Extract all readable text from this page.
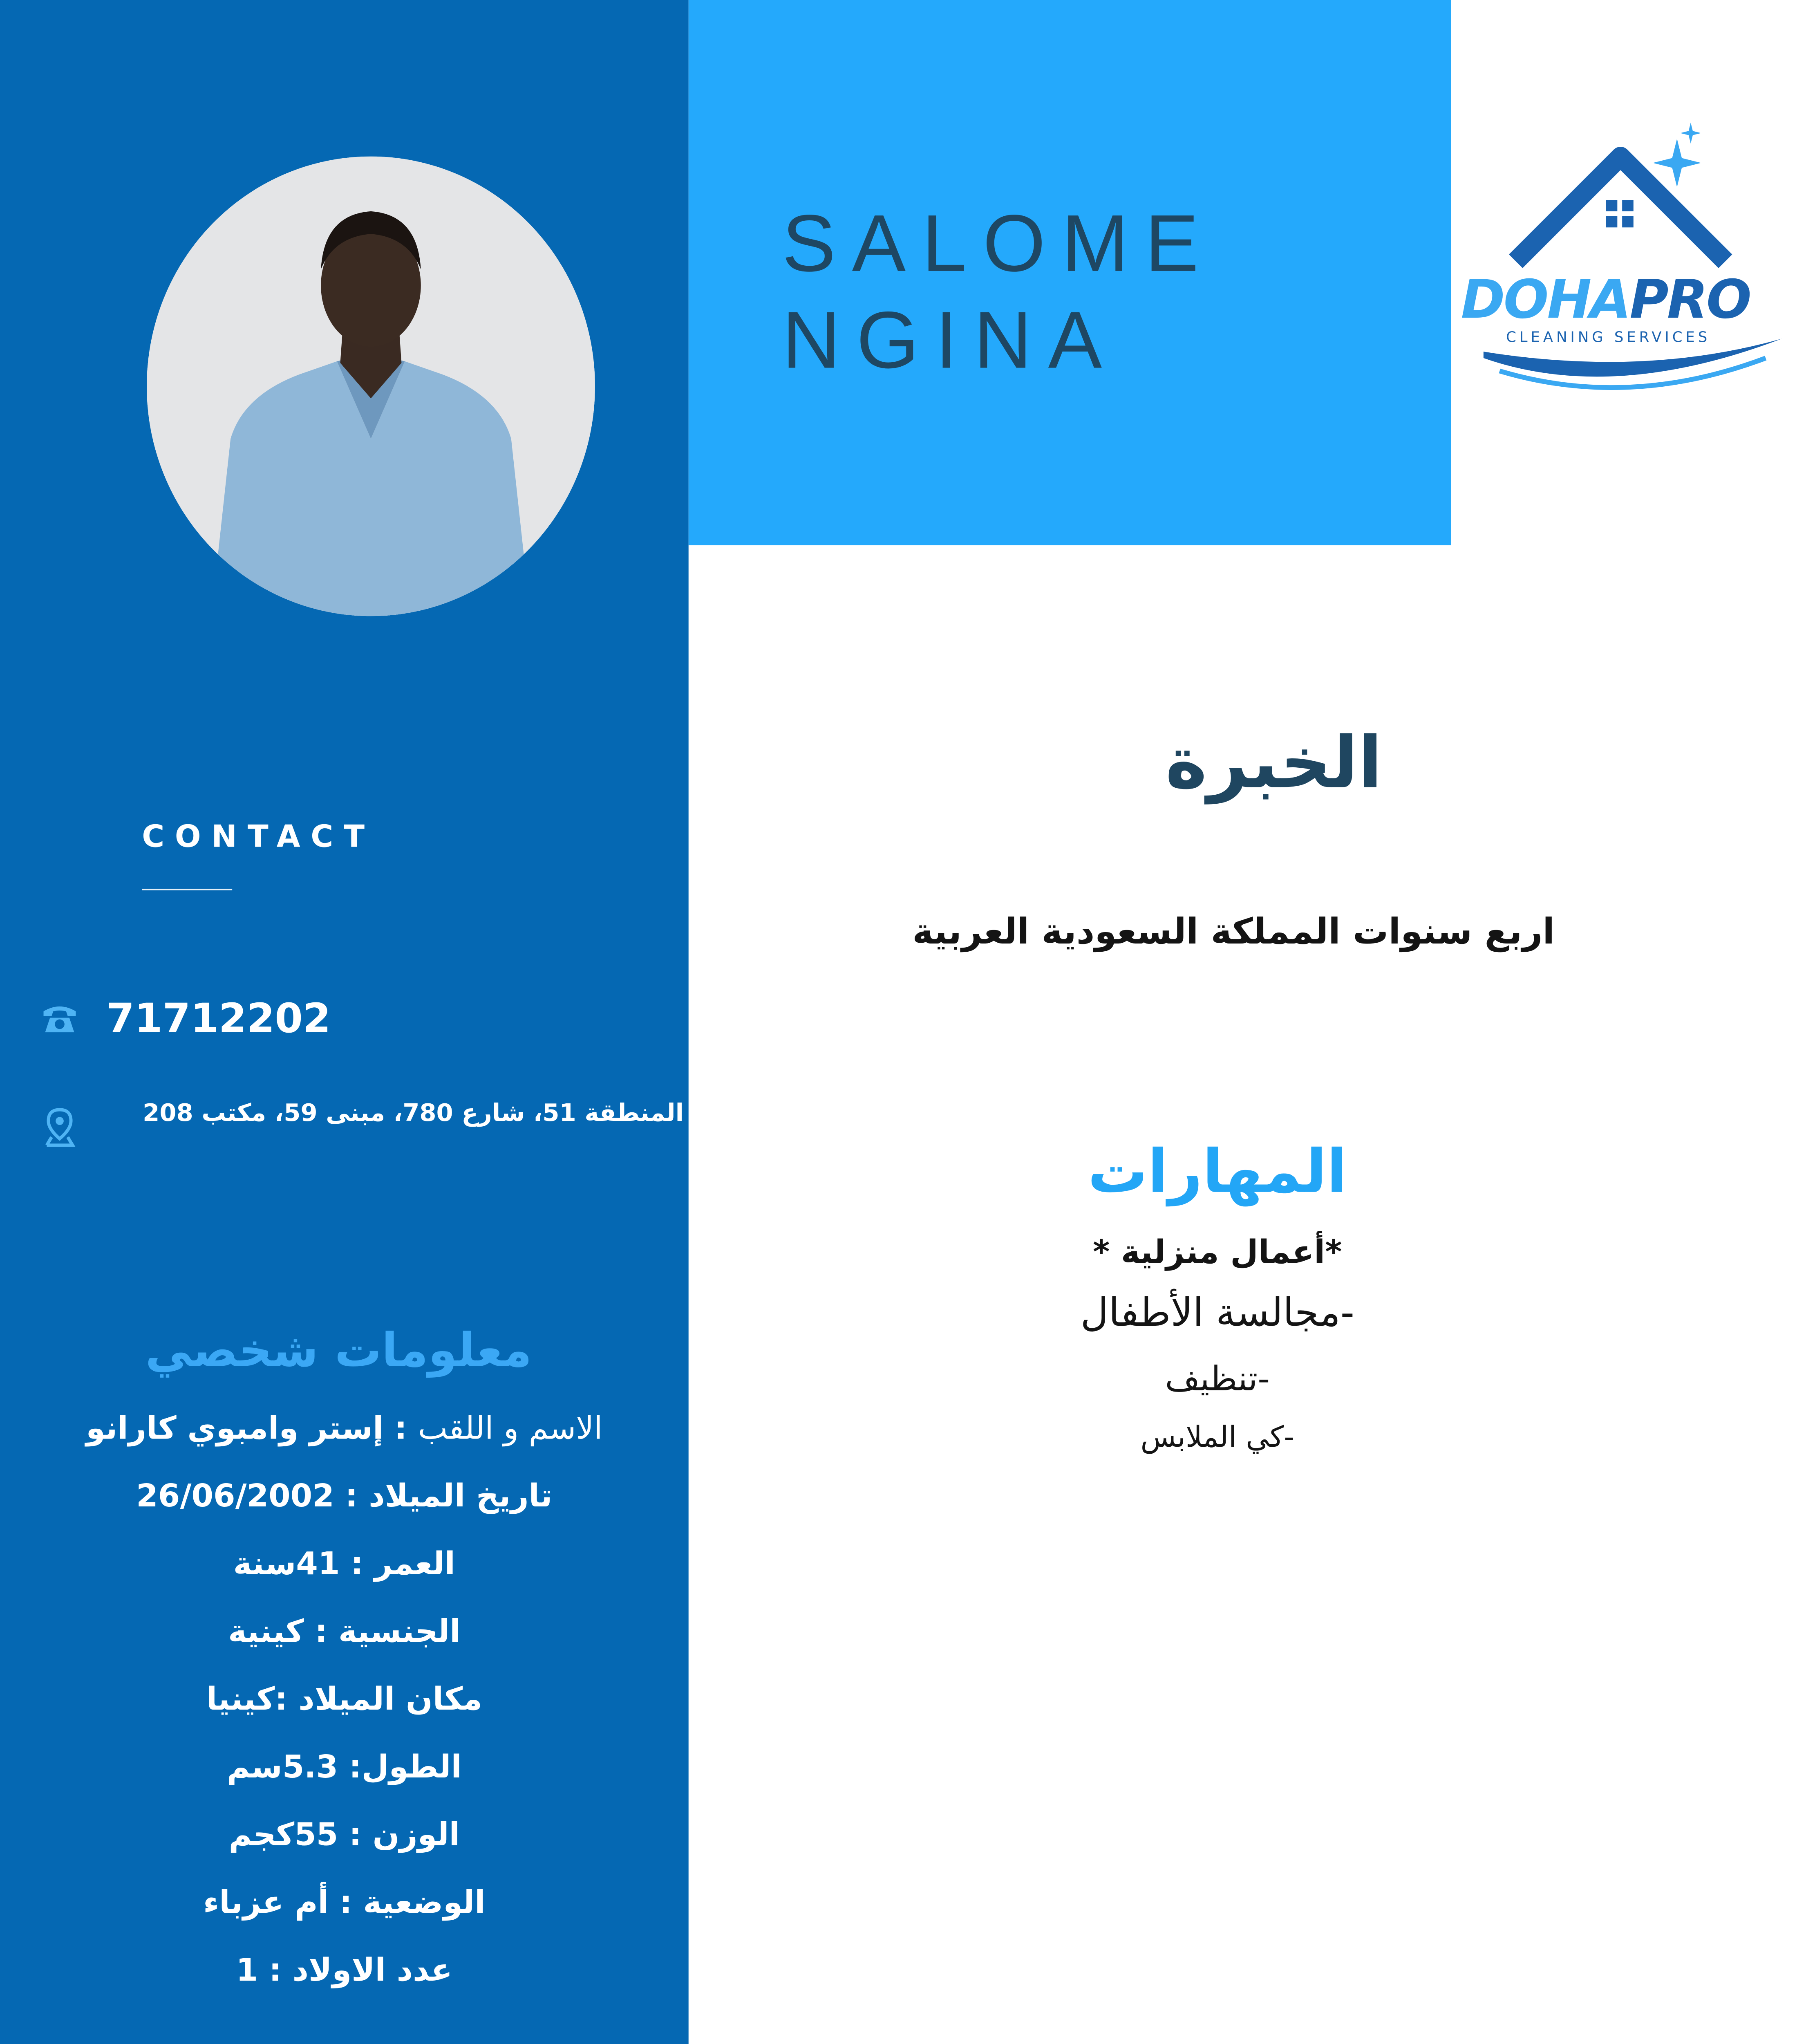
CONTACT
71712202
المنطقة 51، شارع 780، مبنى 59، مكتب 208
معلومات شخصي
الاسم و اللقب : إستر وامبوي كارانو
تاريخ الميلاد : 26/06/2002
العمر : 41سنة
الجنسية : كينية
مكان الميلاد :كينيا
الطول: 5.3سم
الوزن : 55كجم
الوضعية : أم عزباء
عدد الاولاد : 1
SALOME
NGINA	DOHAPRO
CLEANING SERVICES
الخبرة
اربع سنوات المملكة السعودية العربية
المهارات
*أعمال منزلية *
-مجالسة الأطفال
-تنظيف
-كي الملابس
